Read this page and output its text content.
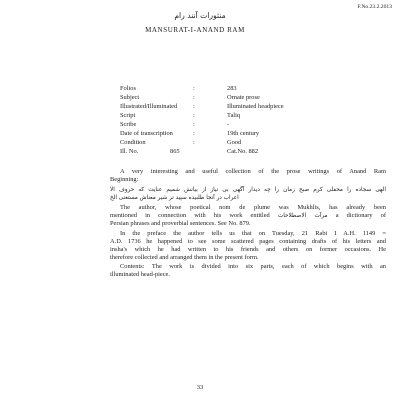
F.No.23.2.2013
منثورات آنند رام
MANSURAT-I-ANAND RAM
Folios	:	283
Subject	:	Ornate prose
Illustrated/Illuminated :	Illuminated headpiece
Script	:	Taliq
Scribe	:	-
Date of transcription	:	19th century
Condition	:	Good
Ill. No.	865	Cat.No. 882
A very interesting and useful collection of the prose writings of Anand Ram
Beginning:
الهی سجاده را محفلی کرم صبح زمان را چه دیدار آگهی بی نیاز از بیانش شمیم عنایت که حروف الا
اعراب در آنجا طلبیده سپید تر شیر معناش مستغنی الخ
The author, whose poetical nom de plume was Mukhlis, has already been
mentioned in connection with his work entitled مرآت الاصطلاحات a dictionary of
Persian phrases and proverbial sentences. See No. 879.
In the preface the author tells us that on Tuesday, 21 Rabi I A.H. 1149 =
A.D. 1736 he happened to see some scattered pages containing drafts of his letters and
insha's which he had written to his friends and others on former occasions. He
therefore collected and arranged them in the present form.
Contents: The work is divided into six parts, each of which begins with an
illuminated head-piece.
33
